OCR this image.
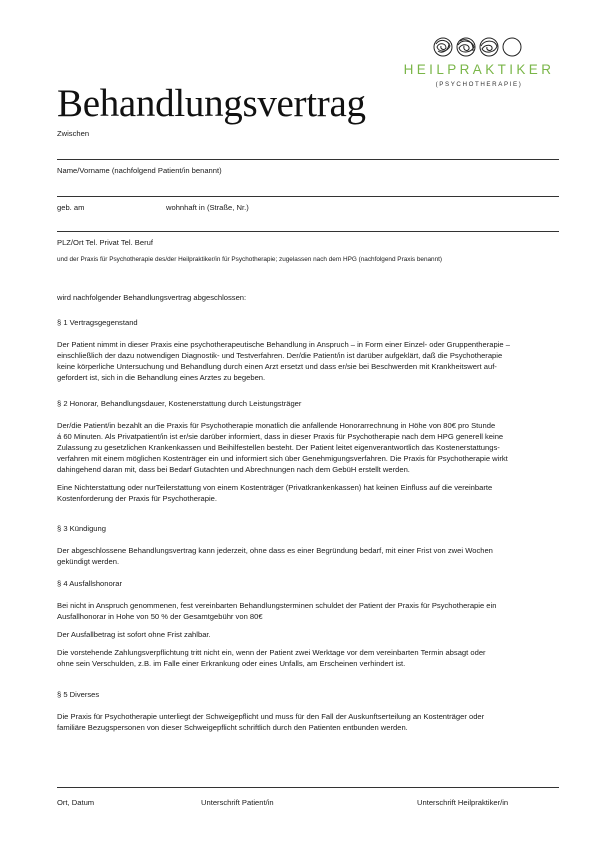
HEILPRAKTIKER
(PSYCHOTHERAPIE)
Behandlungsvertrag
Zwischen
Name/Vorname (nachfolgend Patient/in benannt)
geb. am	wohnhaft in (Straße, Nr.)
PLZ/Ort Tel. Privat Tel. Beruf
und der Praxis für Psychotherapie des/der Heilpraktiker/in für Psychotherapie; zugelassen nach dem HPG (nachfolgend Praxis benannt)
wird nachfolgender Behandlungsvertrag abgeschlossen:
§ 1 Vertragsgegenstand
Der Patient nimmt in dieser Praxis eine psychotherapeutische Behandlung in Anspruch – in Form einer Einzel- oder Gruppentherapie –
einschließlich der dazu notwendigen Diagnostik- und Testverfahren. Der/die Patient/in ist darüber aufgeklärt, daß die Psychotherapie
keine körperliche Untersuchung und Behandlung durch einen Arzt ersetzt und dass er/sie bei Beschwerden mit Krankheitswert auf-
gefordert ist, sich in die Behandlung eines Arztes zu begeben.
§ 2 Honorar, Behandlungsdauer, Kostenerstattung durch Leistungsträger
Der/die Patient/in bezahlt an die Praxis für Psychotherapie monatlich die anfallende Honorarrechnung in Höhe von 80€ pro Stunde
á 60 Minuten. Als Privatpatient/in ist er/sie darüber informiert, dass in dieser Praxis für Psychotherapie nach dem HPG generell keine
Zulassung zu gesetzlichen Krankenkassen und Beihilfestellen besteht. Der Patient leitet eigenverantwortlich das Kostenerstattungs-
verfahren mit einem möglichen Kostenträger ein und informiert sich über Genehmigungsverfahren. Die Praxis für Psychotherapie wirkt
dahingehend daran mit, dass bei Bedarf Gutachten und Abrechnungen nach dem GebüH erstellt werden.
Eine Nichterstattung oder nurTeilerstattung von einem Kostenträger (Privatkrankenkassen) hat keinen Einfluss auf die vereinbarte
Kostenforderung der Praxis für Psychotherapie.
§ 3 Kündigung
Der abgeschlossene Behandlungsvertrag kann jederzeit, ohne dass es einer Begründung bedarf, mit einer Frist von zwei Wochen
gekündigt werden.
§ 4 Ausfallshonorar
Bei nicht in Anspruch genommenen, fest vereinbarten Behandlungsterminen schuldet der Patient der Praxis für Psychotherapie ein
Ausfallhonorar in Hohe von 50 % der Gesamtgebühr von 80€
Der Ausfallbetrag ist sofort ohne Frist zahlbar.
Die vorstehende Zahlungsverpflichtung tritt nicht ein, wenn der Patient zwei Werktage vor dem vereinbarten Termin absagt oder
ohne sein Verschulden, z.B. im Falle einer Erkrankung oder eines Unfalls, am Erscheinen verhindert ist.
§ 5 Diverses
Die Praxis für Psychotherapie unterliegt der Schweigepflicht und muss für den Fall der Auskunftserteilung an Kostenträger oder
familiäre Bezugspersonen von dieser Schweigepflicht schriftlich durch den Patienten entbunden werden.
Ort, Datum	Unterschrift Patient/in	Unterschrift Heilpraktiker/in
